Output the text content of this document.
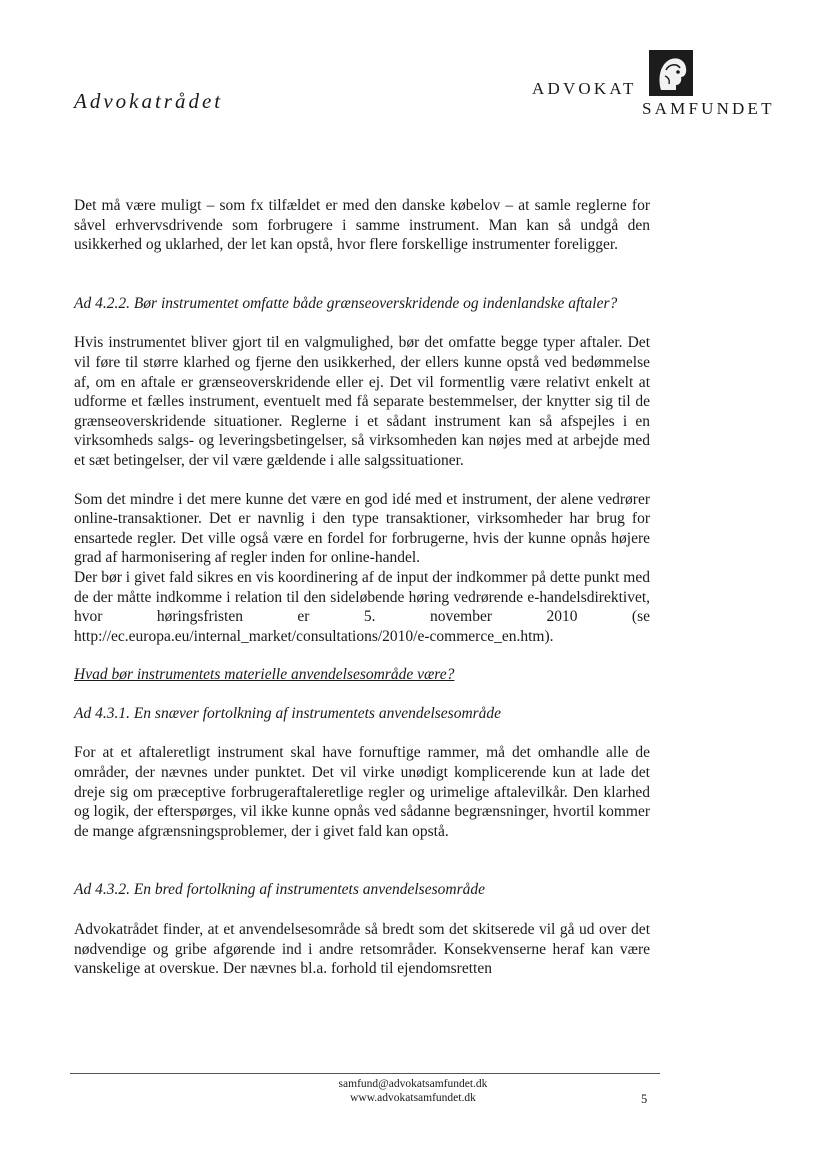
Advokatrådet
ADVOKAT
SAMFUNDET

Det må være muligt – som fx tilfældet er med den danske købelov – at samle reglerne for såvel erhvervsdrivende som forbrugere i samme instrument. Man kan så undgå den usikkerhed og uklarhed, der let kan opstå, hvor flere forskellige instrumenter foreligger.

Ad 4.2.2. Bør instrumentet omfatte både grænseoverskridende og indenlandske aftaler?

Hvis instrumentet bliver gjort til en valgmulighed, bør det omfatte begge typer aftaler. Det vil føre til større klarhed og fjerne den usikkerhed, der ellers kunne opstå ved bedømmelse af, om en aftale er grænseoverskridende eller ej. Det vil formentlig være relativt enkelt at udforme et fælles instrument, eventuelt med få separate bestemmelser, der knytter sig til de grænseoverskridende situationer. Reglerne i et sådant instrument kan så afspejles i en virksomheds salgs- og leveringsbetingelser, så virksomheden kan nøjes med at arbejde med et sæt betingelser, der vil være gældende i alle salgssituationer.

Som det mindre i det mere kunne det være en god idé med et instrument, der alene vedrører online-transaktioner. Det er navnlig i den type transaktioner, virksomheder har brug for ensartede regler. Det ville også være en fordel for forbrugerne, hvis der kunne opnås højere grad af harmonisering af regler inden for online-handel.

Der bør i givet fald sikres en vis koordinering af de input der indkommer på dette punkt med de der måtte indkomme i relation til den sideløbende høring vedrørende e-handelsdirektivet, hvor høringsfristen er 5. november 2010 (se http://ec.europa.eu/internal_market/consultations/2010/e-commerce_en.htm).

Hvad bør instrumentets materielle anvendelsesområde være?

Ad 4.3.1. En snæver fortolkning af instrumentets anvendelsesområde

For at et aftaleretligt instrument skal have fornuftige rammer, må det omhandle alle de områder, der nævnes under punktet. Det vil virke unødigt komplicerende kun at lade det dreje sig om præceptive forbrugeraftaleretlige regler og urimelige aftalevilkår. Den klarhed og logik, der efterspørges, vil ikke kunne opnås ved sådanne begrænsninger, hvortil kommer de mange afgrænsningsproblemer, der i givet fald kan opstå.

Ad 4.3.2. En bred fortolkning af instrumentets anvendelsesområde

Advokatrådet finder, at et anvendelsesområde så bredt som det skitserede vil gå ud over det nødvendige og gribe afgørende ind i andre retsområder. Konsekvenserne heraf kan være vanskelige at overskue. Der nævnes bl.a. forhold til ejendomsretten

samfund@advokatsamfundet.dk
www.advokatsamfundet.dk	5
